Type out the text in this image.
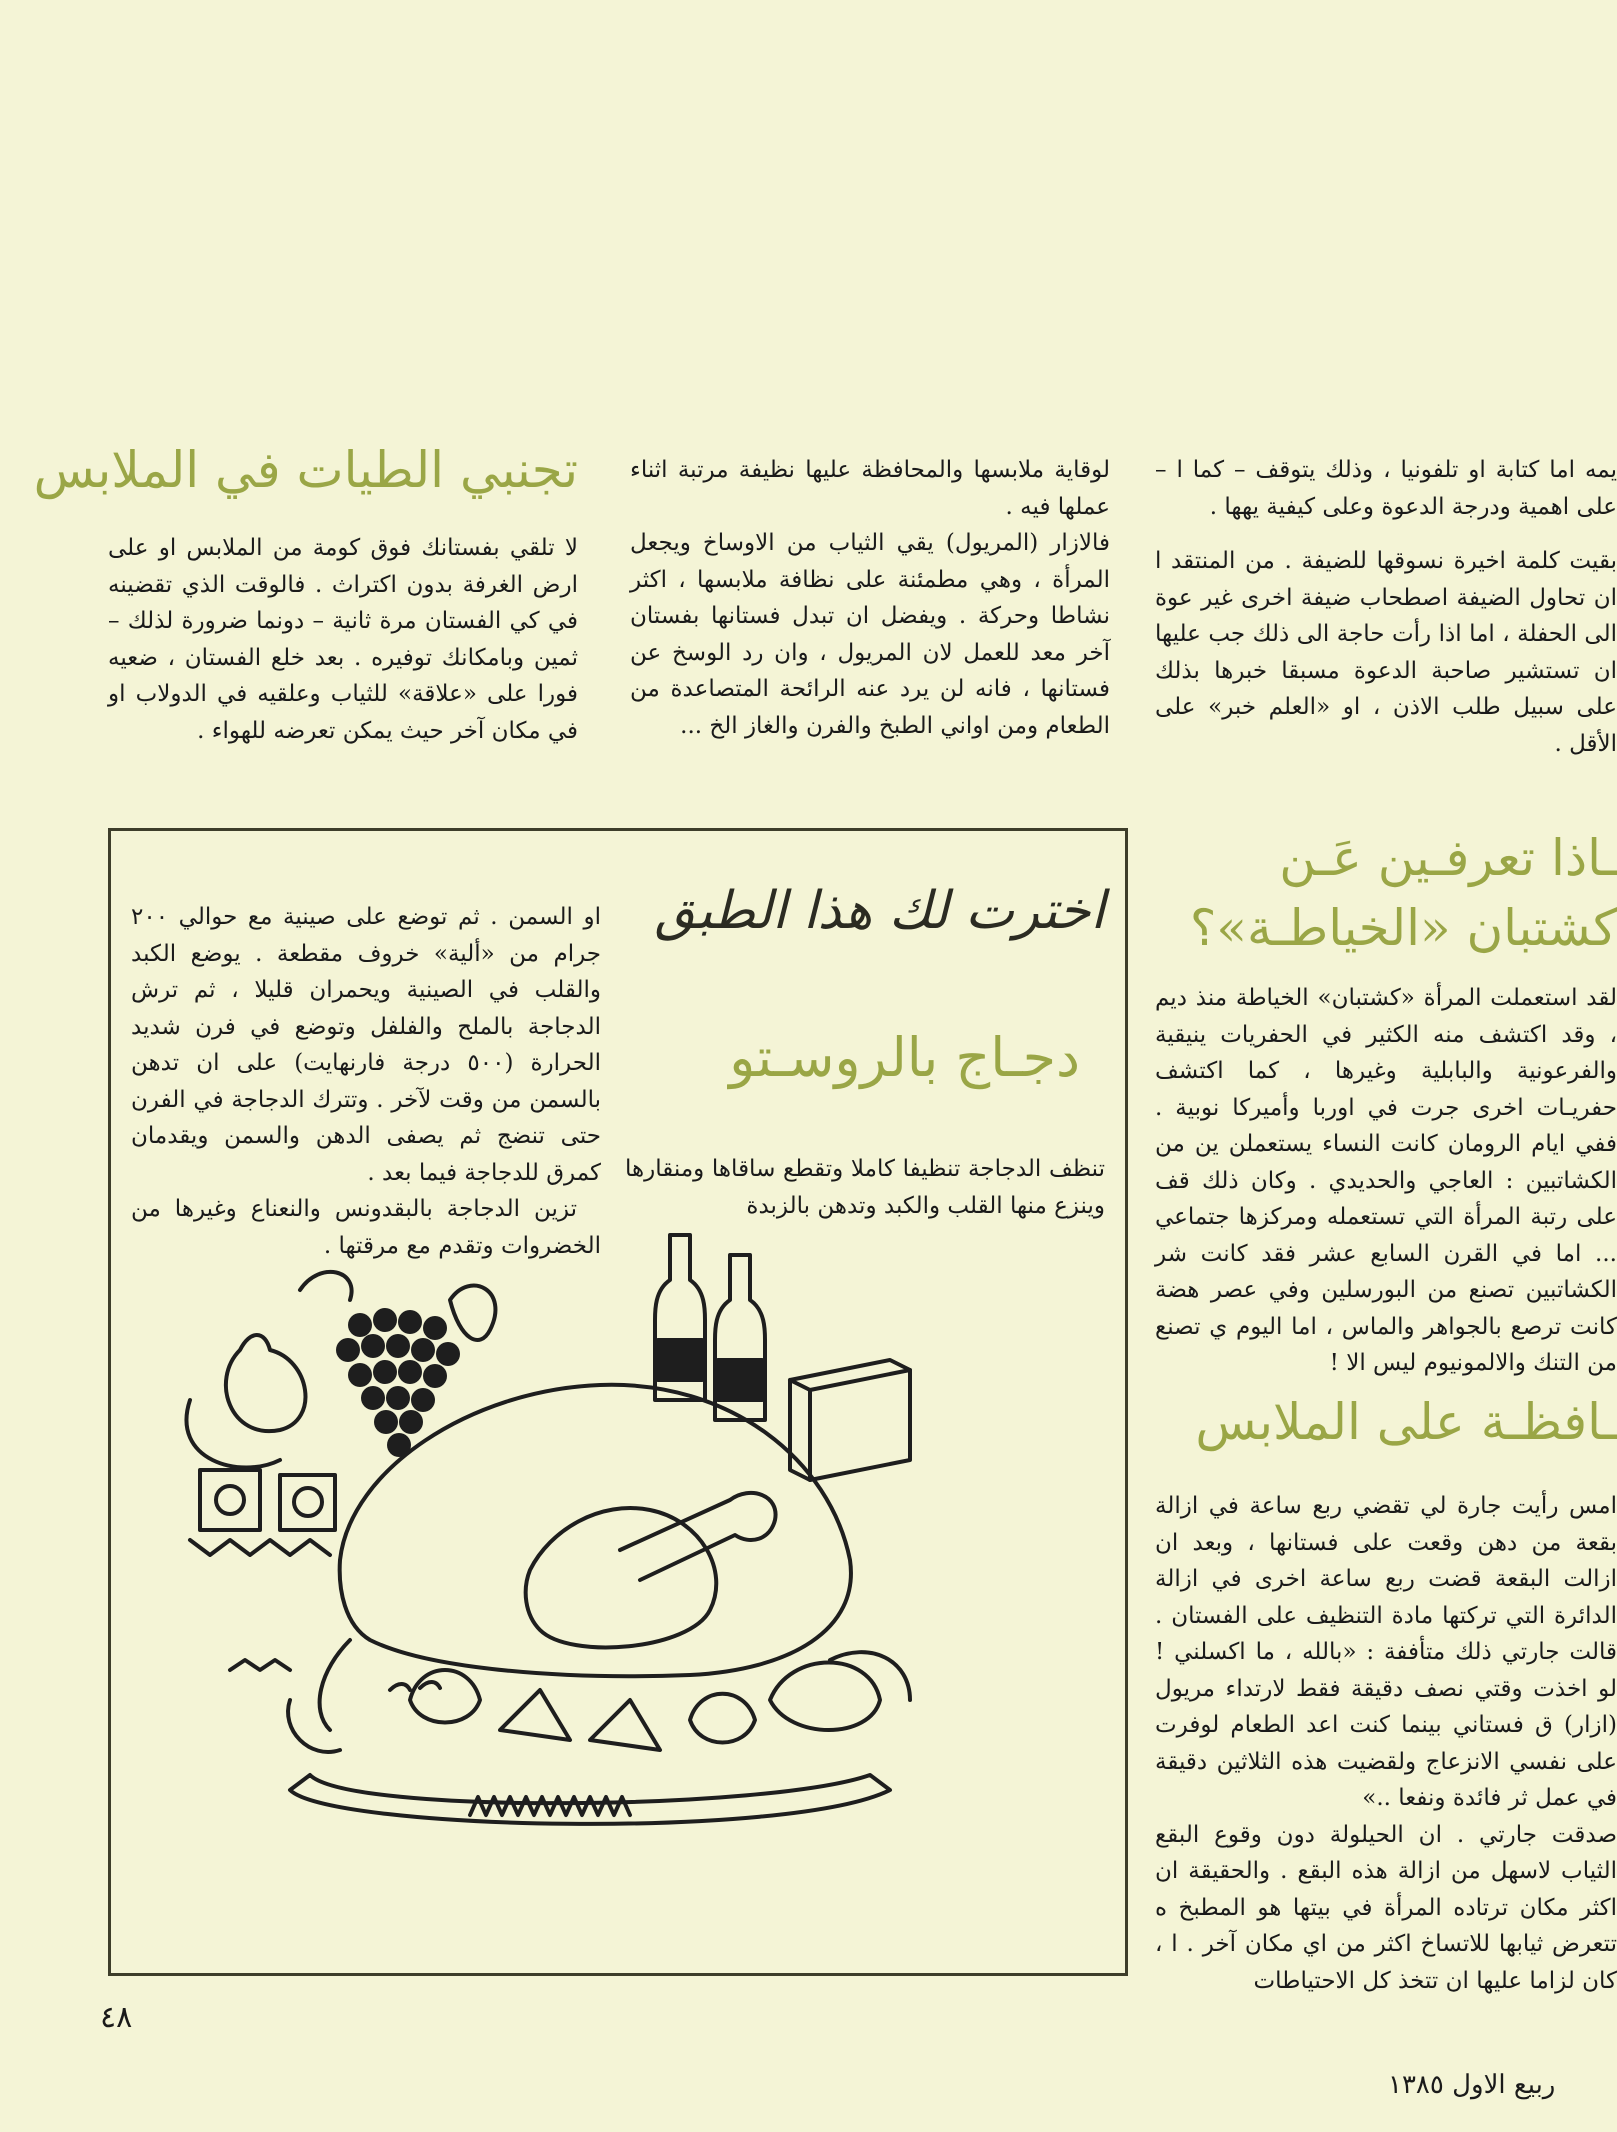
تجنبي الطيات في الملابس

لا تلقي بفستانك فوق كومة من الملابس او على ارض الغرفة بدون اكتراث . فالوقت الذي تقضينه في كي الفستان مرة ثانية – دونما ضرورة لذلك – ثمين وبامكانك توفيره . بعد خلع الفستان ، ضعيه فورا على «علاقة» للثياب وعلقيه في الدولاب او في مكان آخر حيث يمكن تعرضه للهواء .

لوقاية ملابسها والمحافظة عليها نظيفة مرتبة اثناء عملها فيه .

فالازار (المريول) يقي الثياب من الاوساخ ويجعل المرأة ، وهي مطمئنة على نظافة ملابسها ، اكثر نشاطا وحركة . ويفضل ان تبدل فستانها بفستان آخر معد للعمل لان المريول ، وان رد الوسخ عن فستانها ، فانه لن يرد عنه الرائحة المتصاعدة من الطعام ومن اواني الطبخ والفرن والغاز الخ ...

يمه اما كتابة او تلفونيا ، وذلك يتوقف – كما ا – على اهمية ودرجة الدعوة وعلى كيفية يهها .

بقيت كلمة اخيرة نسوقها للضيفة . من المنتقد ا ان تحاول الضيفة اصطحاب ضيفة اخرى غير عوة الى الحفلة ، اما اذا رأت حاجة الى ذلك جب عليها ان تستشير صاحبة الدعوة مسبقا خبرها بذلك على سبيل طلب الاذن ، او «العلم خبر» على الأقل .

ـاذا تعرفـين عَـن
كشتبان «الخياطـة»؟

لقد استعملت المرأة «كشتبان» الخياطة منذ ديم ، وقد اكتشف منه الكثير في الحفريات ينيقية والفرعونية والبابلية وغيرها ، كما اكتشف حفريـات اخرى جرت في اوربا وأميركا نوبية . ففي ايام الرومان كانت النساء يستعملن ين من الكشاتبين : العاجي والحديدي . وكان ذلك قف على رتبة المرأة التي تستعمله ومركزها جتماعي ... اما في القرن السابع عشر فقد كانت شر الكشاتبين تصنع من البورسلين وفي عصر هضة كانت ترصع بالجواهر والماس ، اما اليوم ي تصنع من التنك والالمونيوم ليس الا !

ـافظـة على الملابس

امس رأيت جارة لي تقضي ربع ساعة في ازالة بقعة من دهن وقعت على فستانها ، وبعد ان ازالت البقعة قضت ربع ساعة اخرى في ازالة الدائرة التي تركتها مادة التنظيف على الفستان . قالت جارتي ذلك متأففة : «بالله ، ما اكسلني ! لو اخذت وقتي نصف دقيقة فقط لارتداء مريول (ازار) ق فستاني بينما كنت اعد الطعام لوفرت على نفسي الانزعاج ولقضيت هذه الثلاثين دقيقة في عمل ثر فائدة ونفعا ..»

صدقت جارتي . ان الحيلولة دون وقوع البقع الثياب لاسهل من ازالة هذه البقع . والحقيقة ان اكثر مكان ترتاده المرأة في بيتها هو المطبخ ه تتعرض ثيابها للاتساخ اكثر من اي مكان آخر . ا ، كان لزاما عليها ان تتخذ كل الاحتياطات

اخترت لك هذا الطبق
دجـاج بالروسـتو

تنظف الدجاجة تنظيفا كاملا وتقطع ساقاها ومنقارها وينزع منها القلب والكبد وتدهن بالزبدة

او السمن . ثم توضع على صينية مع حوالي ٢٠٠ جرام من «ألية» خروف مقطعة . يوضع الكبد والقلب في الصينية ويحمران قليلا ، ثم ترش الدجاجة بالملح والفلفل وتوضع في فرن شديد الحرارة (٥٠٠ درجة فارنهايت) على ان تدهن بالسمن من وقت لآخر . وتترك الدجاجة في الفرن حتى تنضج ثم يصفى الدهن والسمن ويقدمان كمرق للدجاجة فيما بعد .

تزين الدجاجة بالبقدونس والنعناع وغيرها من الخضروات وتقدم مع مرقتها .

٤٨
ربيع الاول ١٣٨٥
